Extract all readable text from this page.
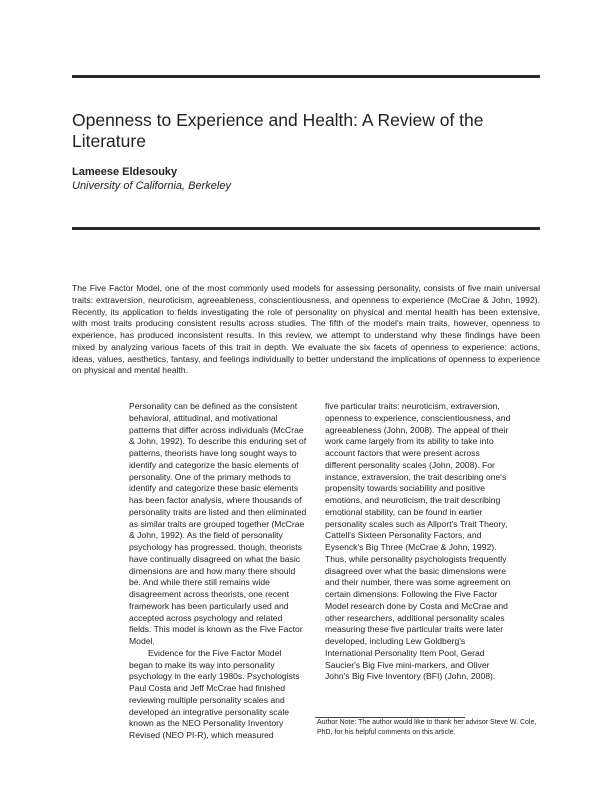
Openness to Experience and Health: A Review of the Literature
Lameese Eldesouky
University of California, Berkeley
The Five Factor Model, one of the most commonly used models for assessing personality, consists of five main universal traits: extraversion, neuroticism, agreeableness, conscientiousness, and openness to experience (McCrae & John, 1992). Recently, its application to fields investigating the role of personality on physical and mental health has been extensive, with most traits producing consistent results across studies. The fifth of the model's main traits, however, openness to experience, has produced inconsistent results. In this review, we attempt to understand why these findings have been mixed by analyzing various facets of this trait in depth. We evaluate the six facets of openness to experience: actions, ideas, values, aesthetics, fantasy, and feelings individually to better understand the implications of openness to experience on physical and mental health.

Personality can be defined as the consistent behavioral, attitudinal, and motivational patterns that differ across individuals (McCrae & John, 1992). To describe this enduring set of patterns, theorists have long sought ways to identify and categorize the basic elements of personality. One of the primary methods to identify and categorize these basic elements has been factor analysis, where thousands of personality traits are listed and then eliminated as similar traits are grouped together (McCrae & John, 1992). As the field of personality psychology has progressed, though, theorists have continually disagreed on what the basic dimensions are and how many there should be. And while there still remains wide disagreement across theorists, one recent framework has been particularly used and accepted across psychology and related fields. This model is known as the Five Factor Model.

Evidence for the Five Factor Model began to make its way into personality psychology in the early 1980s. Psychologists Paul Costa and Jeff McCrae had finished reviewing multiple personality scales and developed an integrative personality scale known as the NEO Personality Inventory Revised (NEO PI-R), which measured

five particular traits: neuroticism, extraversion, openness to experience, conscientiousness, and agreeableness (John, 2008). The appeal of their work came largely from its ability to take into account factors that were present across different personality scales (John, 2008). For instance, extraversion, the trait describing one's propensity towards sociability and positive emotions, and neuroticism, the trait describing emotional stability, can be found in earlier personality scales such as Allport's Trait Theory, Cattell's Sixteen Personality Factors, and Eysenck's Big Three (McCrae & John, 1992). Thus, while personality psychologists frequently disagreed over what the basic dimensions were and their number, there was some agreement on certain dimensions. Following the Five Factor Model research done by Costa and McCrae and other researchers, additional personality scales measuring these five particular traits were later developed, including Lew Goldberg's International Personality Item Pool, Gerad Saucier's Big Five mini-markers, and Oliver John's Big Five Inventory (BFI) (John, 2008).

Author Note: The author would like to thank her advisor Steve W. Cole, PhD, for his helpful comments on this article.
